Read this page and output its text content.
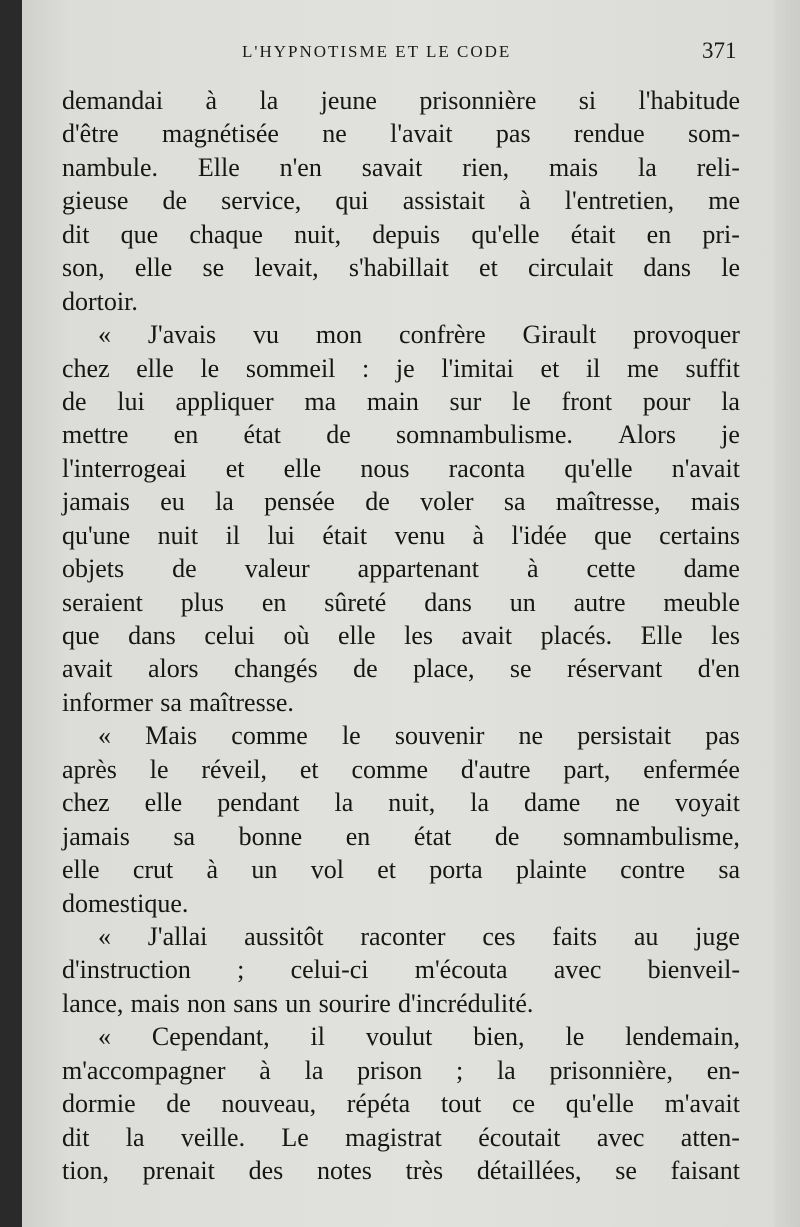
L'HYPNOTISME ET LE CODE	371
demandai à la jeune prisonnière si l'habitude
d'être magnétisée ne l'avait pas rendue som-
nambule. Elle n'en savait rien, mais la reli-
gieuse de service, qui assistait à l'entretien, me
dit que chaque nuit, depuis qu'elle était en pri-
son, elle se levait, s'habillait et circulait dans le
dortoir.
« J'avais vu mon confrère Girault provoquer
chez elle le sommeil : je l'imitai et il me suffit
de lui appliquer ma main sur le front pour la
mettre en état de somnambulisme. Alors je
l'interrogeai et elle nous raconta qu'elle n'avait
jamais eu la pensée de voler sa maîtresse, mais
qu'une nuit il lui était venu à l'idée que certains
objets de valeur appartenant à cette dame
seraient plus en sûreté dans un autre meuble
que dans celui où elle les avait placés. Elle les
avait alors changés de place, se réservant d'en
informer sa maîtresse.
« Mais comme le souvenir ne persistait pas
après le réveil, et comme d'autre part, enfermée
chez elle pendant la nuit, la dame ne voyait
jamais sa bonne en état de somnambulisme,
elle crut à un vol et porta plainte contre sa
domestique.
« J'allai aussitôt raconter ces faits au juge
d'instruction ; celui-ci m'écouta avec bienveil-
lance, mais non sans un sourire d'incrédulité.
« Cependant, il voulut bien, le lendemain,
m'accompagner à la prison ; la prisonnière, en-
dormie de nouveau, répéta tout ce qu'elle m'avait
dit la veille. Le magistrat écoutait avec atten-
tion, prenait des notes très détaillées, se faisant
